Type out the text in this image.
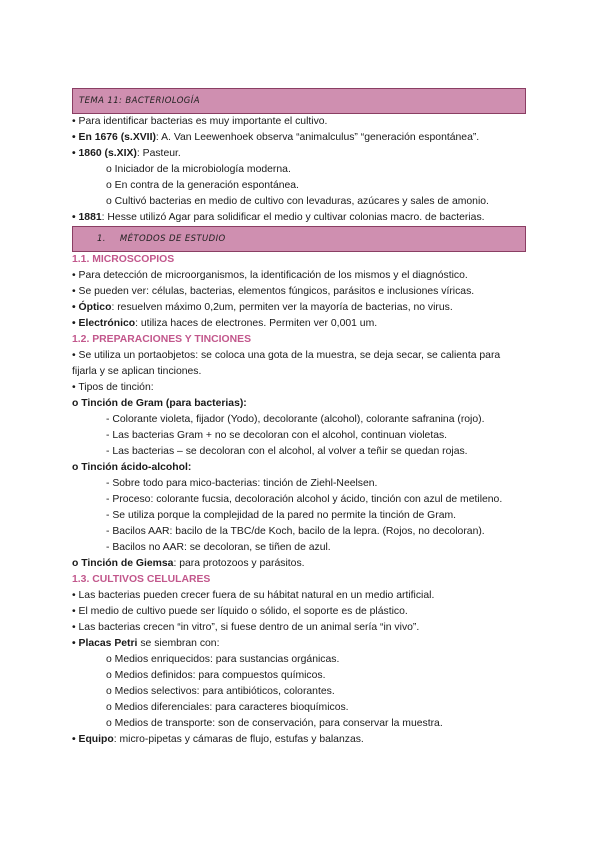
TEMA 11: BACTERIOLOGÍA
• Para identificar bacterias es muy importante el cultivo.
• En 1676 (s.XVII): A. Van Leewenhoek observa “animalculus” “generación espontánea”.
• 1860 (s.XIX): Pasteur.
o Iniciador de la microbiología moderna.
o En contra de la generación espontánea.
o Cultivó bacterias en medio de cultivo con levaduras, azúcares y sales de amonio.
• 1881: Hesse utilizó Agar para solidificar el medio y cultivar colonias macro. de bacterias.
1. MÉTODOS DE ESTUDIO
1.1. MICROSCOPIOS
• Para detección de microorganismos, la identificación de los mismos y el diagnóstico.
• Se pueden ver: células, bacterias, elementos fúngicos, parásitos e inclusiones víricas.
• Óptico: resuelven máximo 0,2um, permiten ver la mayoría de bacterias, no virus.
• Electrónico: utiliza haces de electrones. Permiten ver 0,001 um.
1.2. PREPARACIONES Y TINCIONES
• Se utiliza un portaobjetos: se coloca una gota de la muestra, se deja secar, se calienta para
fijarla y se aplican tinciones.
• Tipos de tinción:
o Tinción de Gram (para bacterias):
- Colorante violeta, fijador (Yodo), decolorante (alcohol), colorante safranina (rojo).
- Las bacterias Gram + no se decoloran con el alcohol, continuan violetas.
- Las bacterias – se decoloran con el alcohol, al volver a teñir se quedan rojas.
o Tinción ácido-alcohol:
- Sobre todo para mico-bacterias: tinción de Ziehl-Neelsen.
- Proceso: colorante fucsia, decoloración alcohol y ácido, tinción con azul de metileno.
- Se utiliza porque la complejidad de la pared no permite la tinción de Gram.
- Bacilos AAR: bacilo de la TBC/de Koch, bacilo de la lepra. (Rojos, no decoloran).
- Bacilos no AAR: se decoloran, se tiñen de azul.
o Tinción de Giemsa: para protozoos y parásitos.
1.3. CULTIVOS CELULARES
• Las bacterias pueden crecer fuera de su hábitat natural en un medio artificial.
• El medio de cultivo puede ser líquido o sólido, el soporte es de plástico.
• Las bacterias crecen “in vitro”, si fuese dentro de un animal sería “in vivo”.
• Placas Petri se siembran con:
o Medios enriquecidos: para sustancias orgánicas.
o Medios definidos: para compuestos químicos.
o Medios selectivos: para antibióticos, colorantes.
o Medios diferenciales: para caracteres bioquímicos.
o Medios de transporte: son de conservación, para conservar la muestra.
• Equipo: micro-pipetas y cámaras de flujo, estufas y balanzas.
